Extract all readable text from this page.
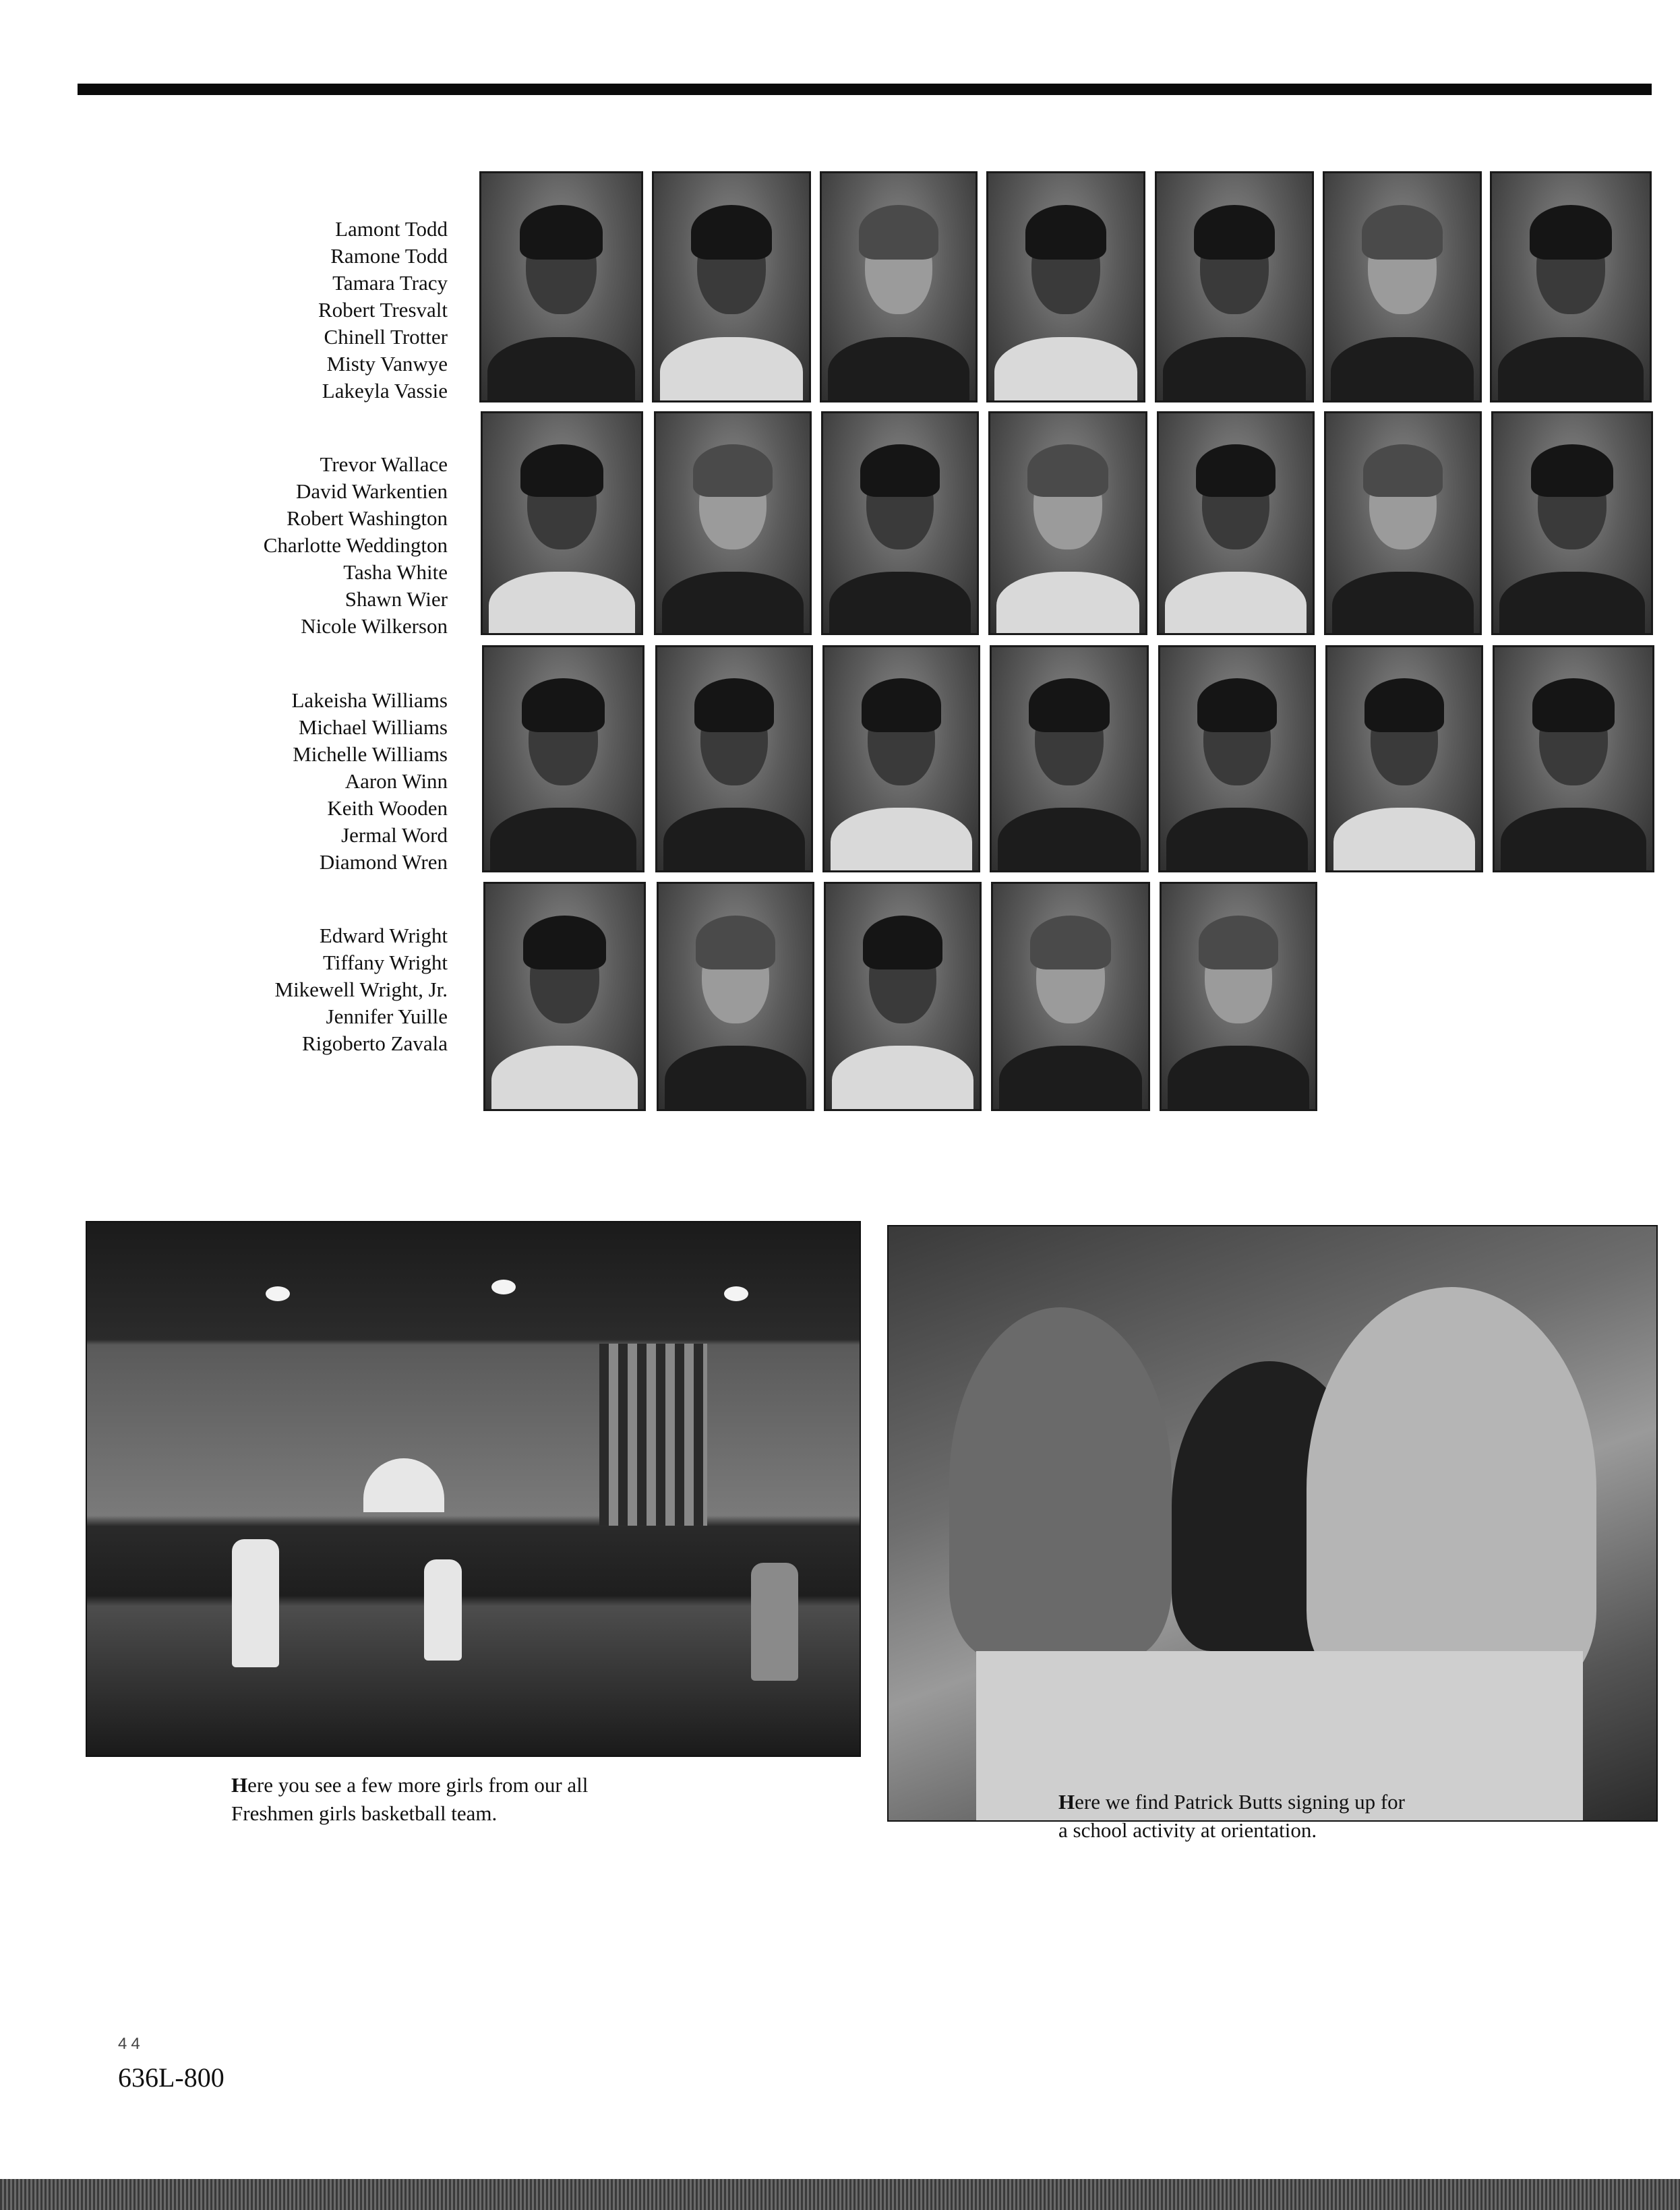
Lamont Todd
Ramone Todd
Tamara Tracy
Robert Tresvalt
Chinell Trotter
Misty Vanwye
Lakeyla Vassie
Trevor Wallace
David Warkentien
Robert Washington
Charlotte Weddington
Tasha White
Shawn Wier
Nicole Wilkerson
Lakeisha Williams
Michael Williams
Michelle Williams
Aaron Winn
Keith Wooden
Jermal Word
Diamond Wren
Edward Wright
Tiffany Wright
Mikewell Wright, Jr.
Jennifer Yuille
Rigoberto Zavala
Here you see a few more girls from our all
Freshmen girls basketball team.	Here we find Patrick Butts signing up for
a school activity at orientation.
44
636L-800
